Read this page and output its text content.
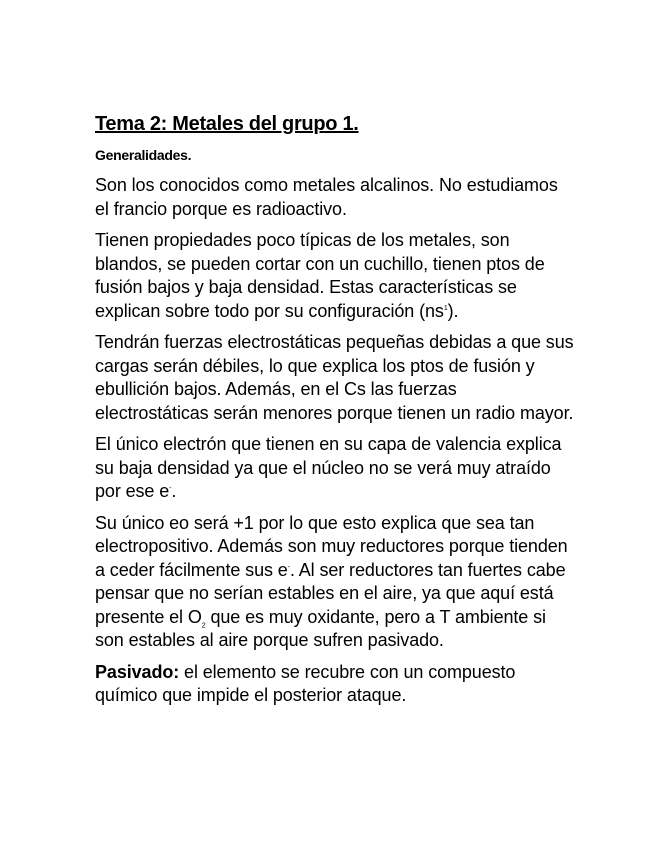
Tema 2: Metales del grupo 1.
Generalidades.

Son los conocidos como metales alcalinos. No estudiamos el francio porque es radioactivo.

Tienen propiedades poco típicas de los metales, son blandos, se pueden cortar con un cuchillo, tienen ptos de fusión bajos y baja densidad. Estas características se explican sobre todo por su configuración $(ns^1)$.

Tendrán fuerzas electrostáticas pequeñas debidas a que sus cargas serán débiles, lo que explica los ptos de fusión y ebullición bajos. Además, en el Cs las fuerzas electrostáticas serán menores porque tienen un radio mayor.

El único electrón que tienen en su capa de valencia explica su baja densidad ya que el núcleo no se verá muy atraído por ese e-.

Su único eo será +1 por lo que esto explica que sea tan electropositivo. Además son muy reductores porque tienden a ceder fácilmente sus e-. Al ser reductores tan fuertes cabe pensar que no serían estables en el aire, ya que aquí está presente el $O_2$ que es muy oxidante, pero a T ambiente si son estables al aire porque sufren pasivado.

Pasivado: el elemento se recubre con un compuesto químico que impide el posterior ataque.
